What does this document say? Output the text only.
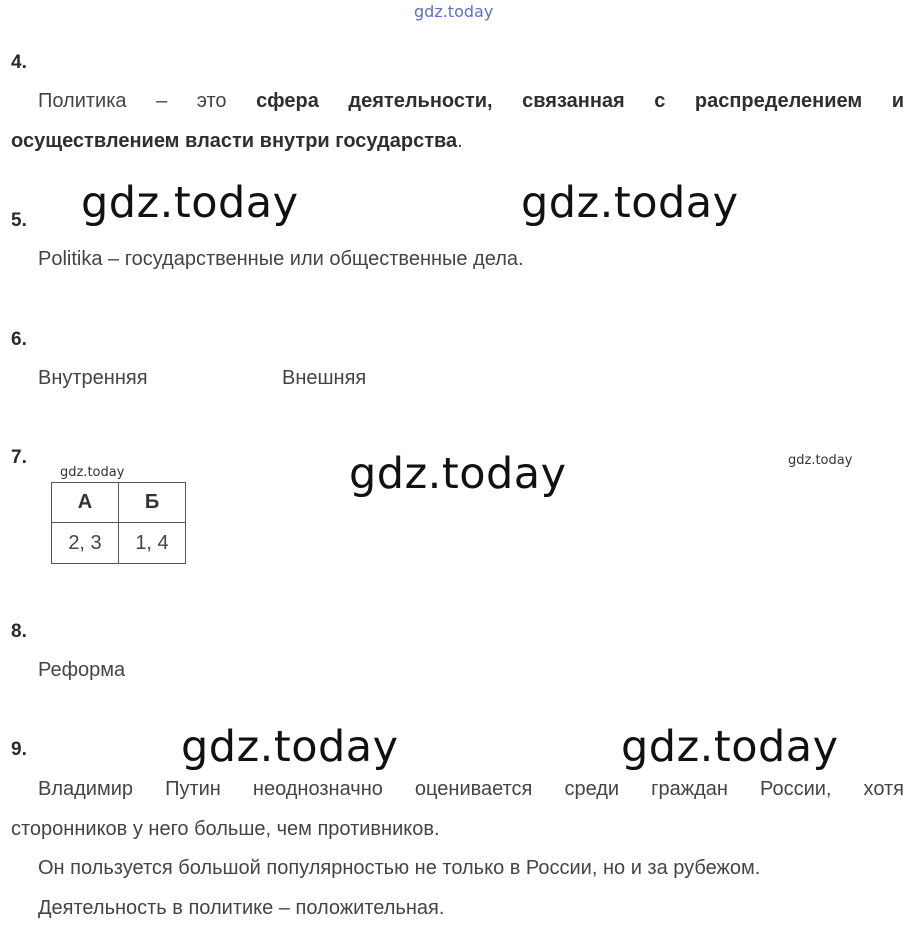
gdz.today
4.
Политика – это сфера деятельности, связанная с распределением и
осуществлением власти внутри государства.
5. gdz.today	gdz.today
Politika – государственные или общественные дела.
6.
Внутренняя	Внешняя
7.
gdz.today	gdz.today	gdz.today
А	Б
2, 3	1, 4
8.
Реформа
9.	gdz.today	gdz.today
Владимир Путин неоднозначно оценивается среди граждан России, хотя
сторонников у него больше, чем противников.
Он пользуется большой популярностью не только в России, но и за рубежом.
Деятельность в политике – положительная.
